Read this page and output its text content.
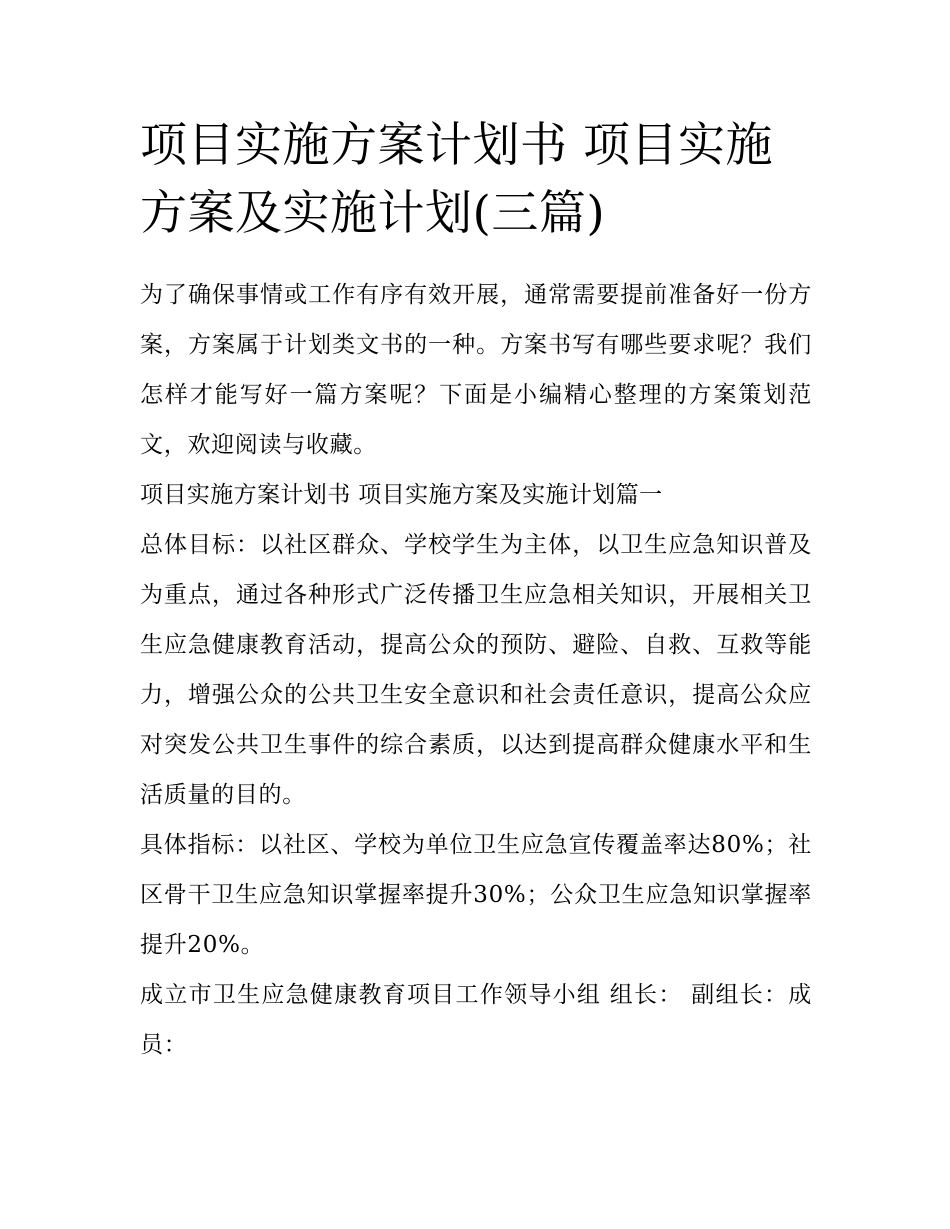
项目实施方案计划书 项目实施方案及实施计划(三篇)

为了确保事情或工作有序有效开展，通常需要提前准备好一份方案，方案属于计划类文书的一种。方案书写有哪些要求呢？我们怎样才能写好一篇方案呢？下面是小编精心整理的方案策划范文，欢迎阅读与收藏。

项目实施方案计划书 项目实施方案及实施计划篇一

总体目标：以社区群众、学校学生为主体，以卫生应急知识普及为重点，通过各种形式广泛传播卫生应急相关知识，开展相关卫生应急健康教育活动，提高公众的预防、避险、自救、互救等能力，增强公众的公共卫生安全意识和社会责任意识，提高公众应对突发公共卫生事件的综合素质，以达到提高群众健康水平和生活质量的目的。

具体指标：以社区、学校为单位卫生应急宣传覆盖率达80%；社区骨干卫生应急知识掌握率提升30%；公众卫生应急知识掌握率提升20%。

成立市卫生应急健康教育项目工作领导小组 组长： 副组长：成员：
